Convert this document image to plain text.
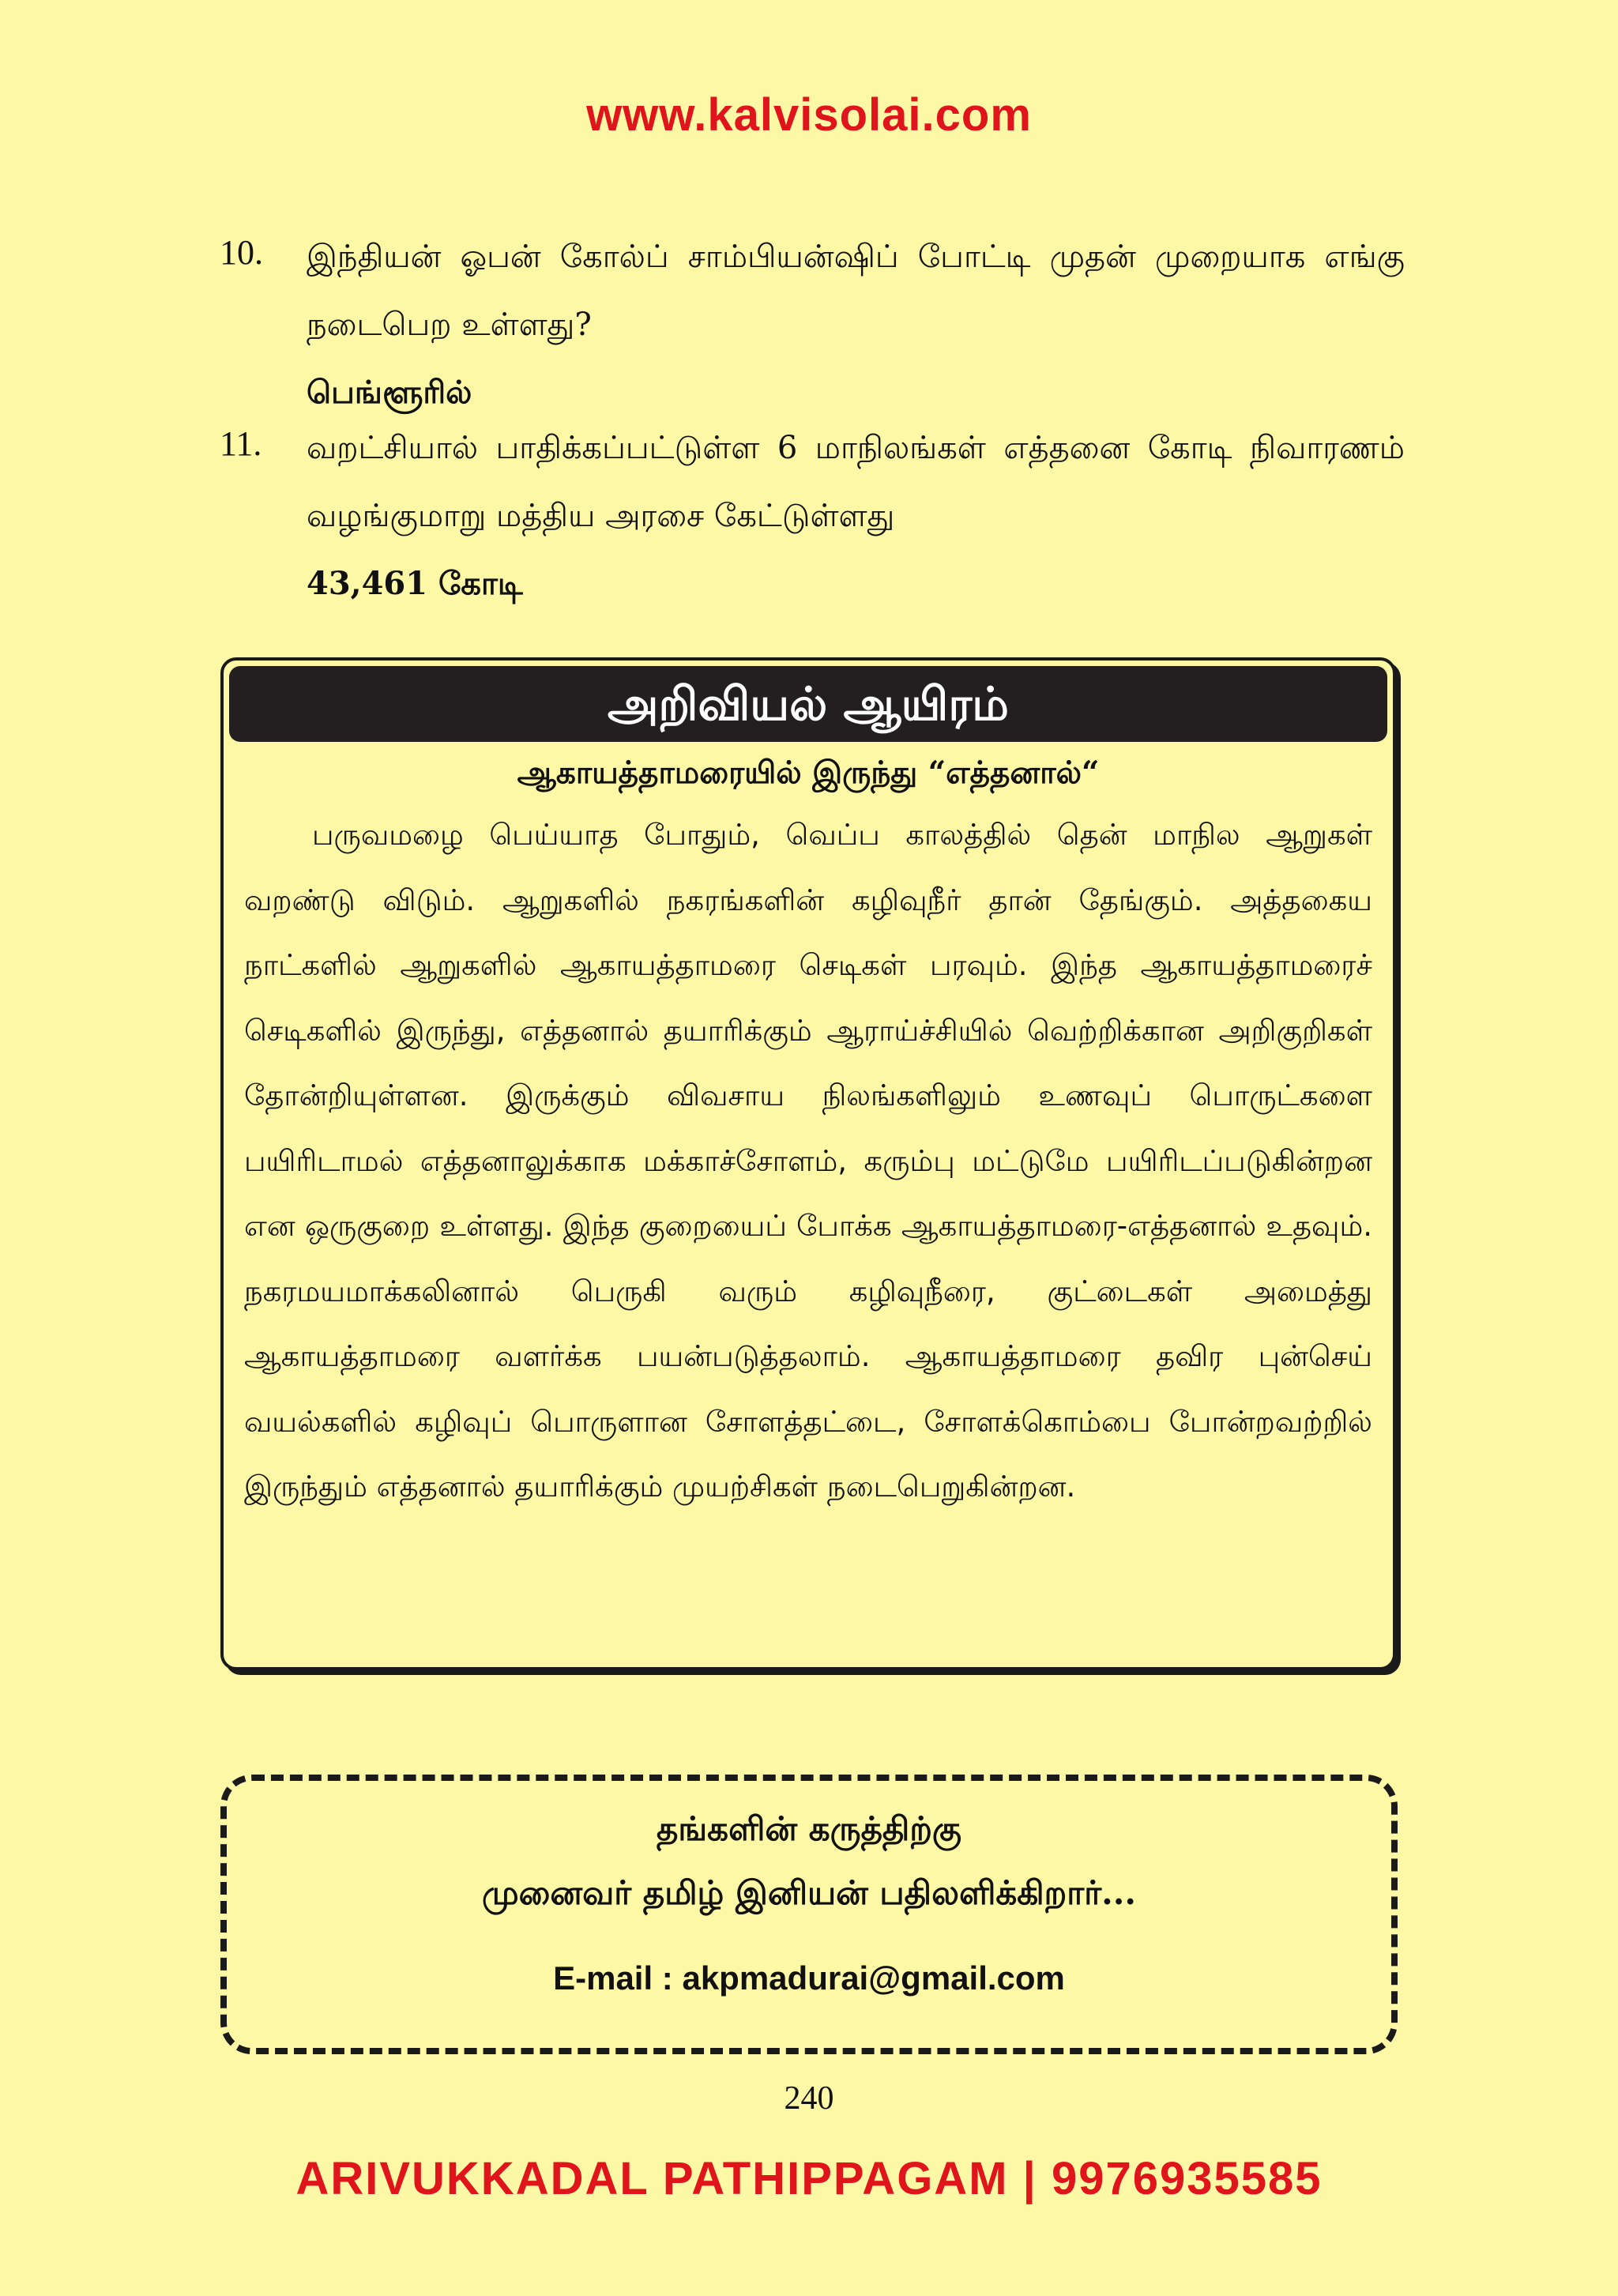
www.kalvisolai.com
10.	இந்தியன் ஓபன் கோல்ப் சாம்பியன்ஷிப் போட்டி முதன் முறையாக எங்கு நடைபெற உள்ளது?
பெங்ளூரில்
11.	வறட்சியால் பாதிக்கப்பட்டுள்ள 6 மாநிலங்கள் எத்தனை கோடி நிவாரணம் வழங்குமாறு மத்திய அரசை கேட்டுள்ளது
43,461 கோடி
அறிவியல் ஆயிரம்
ஆகாயத்தாமரையில் இருந்து “எத்தனால்“
பருவமழை பெய்யாத போதும், வெப்ப காலத்தில் தென் மாநில ஆறுகள் வறண்டு விடும். ஆறுகளில் நகரங்களின் கழிவுநீர் தான் தேங்கும். அத்தகைய நாட்களில் ஆறுகளில் ஆகாயத்தாமரை செடிகள் பரவும். இந்த ஆகாயத்தாமரைச் செடிகளில் இருந்து, எத்தனால் தயாரிக்கும் ஆராய்ச்சியில் வெற்றிக்கான அறிகுறிகள் தோன்றியுள்ளன. இருக்கும் விவசாய நிலங்களிலும் உணவுப் பொருட்களை பயிரிடாமல் எத்தனாலுக்காக மக்காச்சோளம், கரும்பு மட்டுமே பயிரிடப்படுகின்றன என ஒருகுறை உள்ளது. இந்த குறையைப் போக்க ஆகாயத்தாமரை-எத்தனால் உதவும். நகரமயமாக்கலினால் பெருகி வரும் கழிவுநீரை, குட்டைகள் அமைத்து ஆகாயத்தாமரை வளர்க்க பயன்படுத்தலாம். ஆகாயத்தாமரை தவிர புன்செய் வயல்களில் கழிவுப் பொருளான சோளத்தட்டை, சோளக்கொம்பை போன்றவற்றில் இருந்தும் எத்தனால் தயாரிக்கும் முயற்சிகள் நடைபெறுகின்றன.
தங்களின் கருத்திற்கு
முனைவர் தமிழ் இனியன் பதிலளிக்கிறார்...
E-mail : akpmadurai@gmail.com
240
ARIVUKKADAL PATHIPPAGAM | 9976935585
